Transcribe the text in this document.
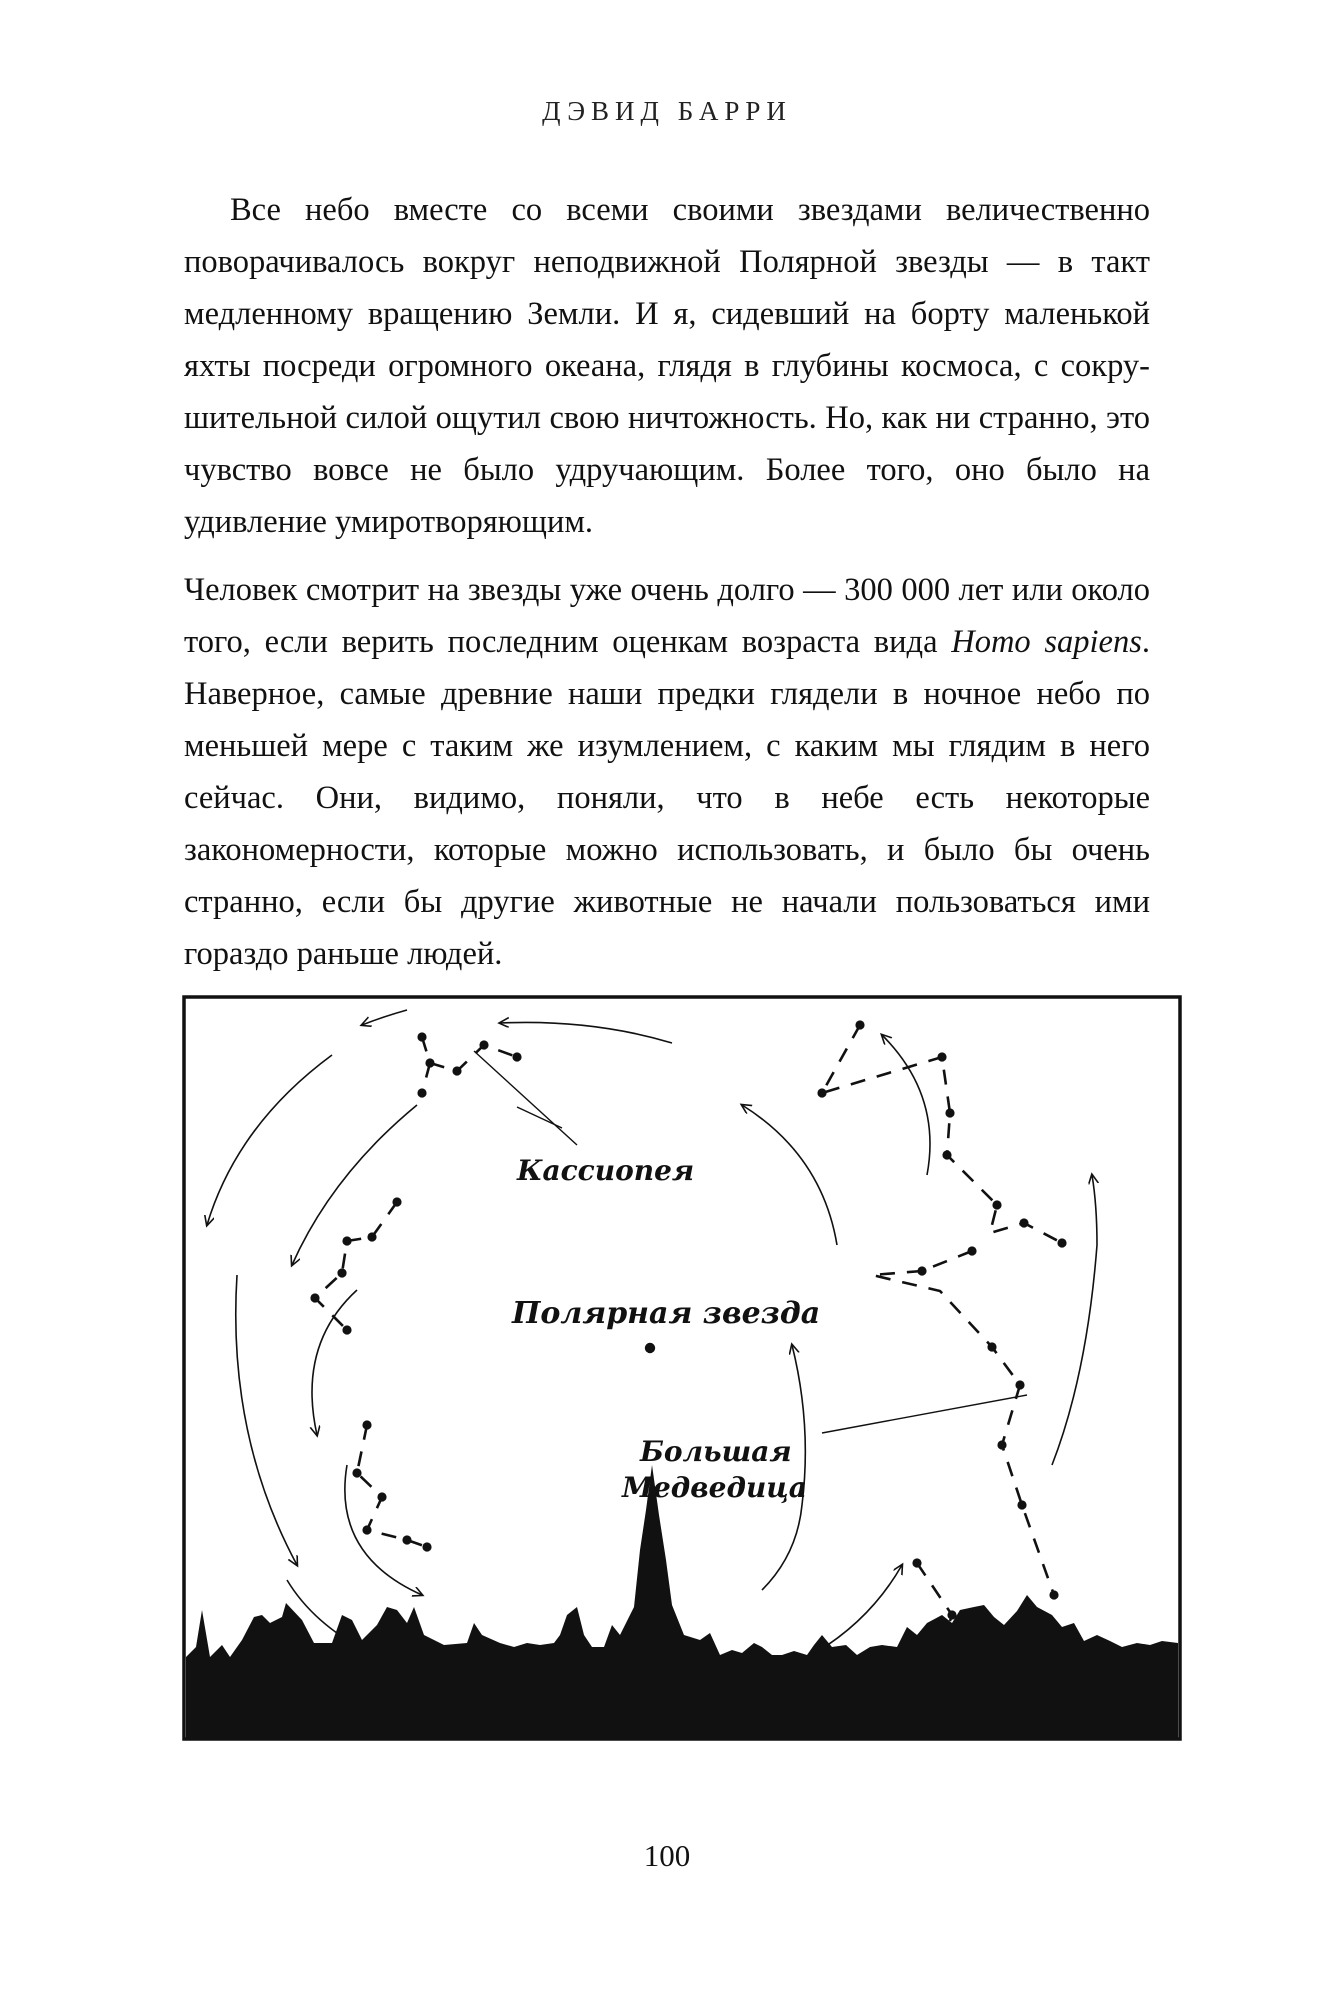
ДЭВИД БАРРИ
Все небо вместе со всеми своими звездами величественно поворачивалось вокруг неподвижной Полярной звезды — в такт медленному вращению Земли. И я, сидевший на борту маленькой яхты посреди огромного океана, глядя в глубины космоса, с сокрушительной силой ощутил свою ничтожность. Но, как ни странно, это чувство вовсе не было удручающим. Более того, оно было на удивление умиротворяющим.
Человек смотрит на звезды уже очень долго — 300 000 лет или около того, если верить последним оценкам возраста вида Homo sapiens. Наверное, самые древние наши предки глядели в ночное небо по меньшей мере с таким же изумлением, с каким мы глядим в него сейчас. Они, видимо, поняли, что в небе есть некоторые закономерности, которые можно использовать, и было бы очень странно, если бы другие животные не начали пользоваться ими гораздо раньше людей.
Кассиопея
Полярная звезда
Большая
Медведица
100
